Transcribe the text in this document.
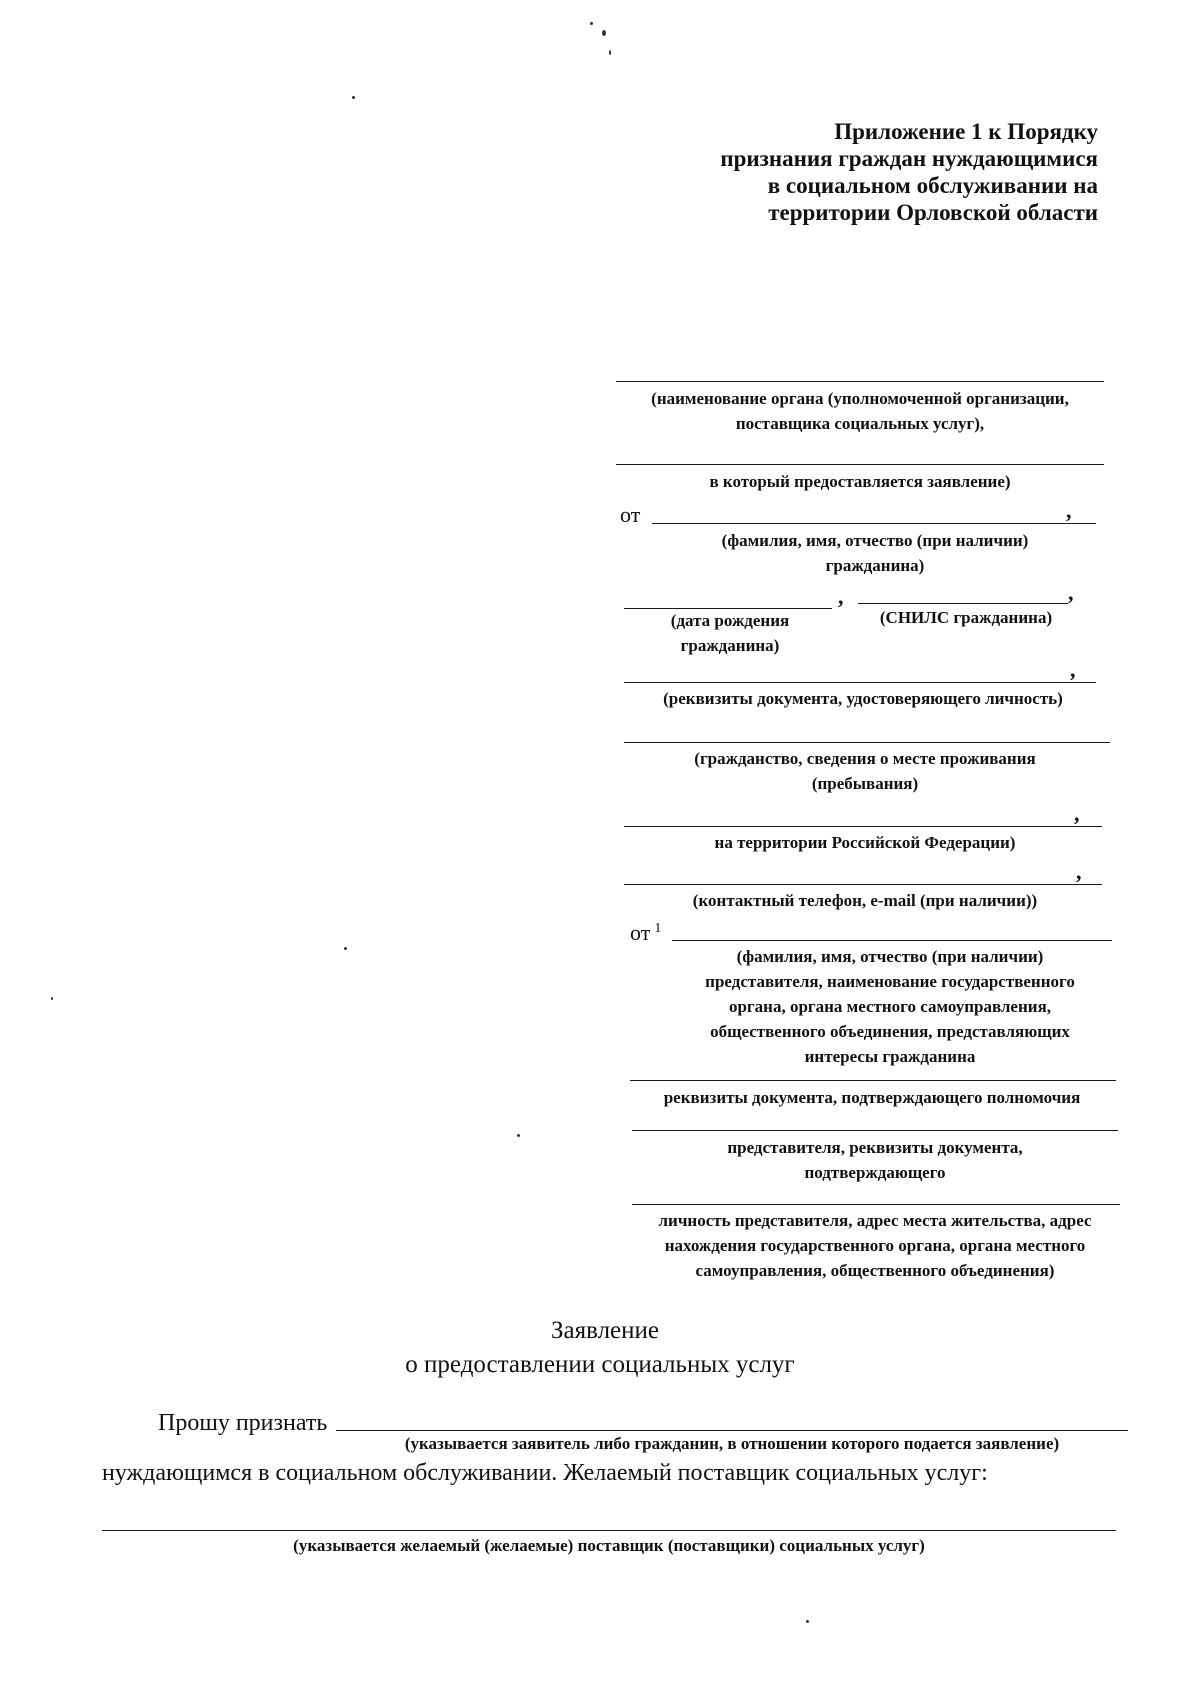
Приложение 1 к Порядку
признания граждан нуждающимися
в социальном обслуживании на
территории Орловской области
(наименование органа (уполномоченной организации,
поставщика социальных услуг),
в который предоставляется заявление)
от	,
(фамилия, имя, отчество (при наличии)
гражданина)
,	,
(дата рождения
гражданина)
(СНИЛС гражданина)
,
(реквизиты документа, удостоверяющего личность)
(гражданство, сведения о месте проживания
(пребывания)
,
на территории Российской Федерации)
,
(контактный телефон, e-mail (при наличии))
от $^1$
(фамилия, имя, отчество (при наличии)
представителя, наименование государственного
органа, органа местного самоуправления,
общественного объединения, представляющих
интересы гражданина
реквизиты документа, подтверждающего полномочия
представителя, реквизиты документа,
подтверждающего
личность представителя, адрес места жительства, адрес
нахождения государственного органа, органа местного
самоуправления, общественного объединения)
Заявление
о предоставлении социальных услуг
Прошу признать
(указывается заявитель либо гражданин, в отношении которого подается заявление)
нуждающимся в социальном обслуживании. Желаемый поставщик социальных услуг:
(указывается желаемый (желаемые) поставщик (поставщики) социальных услуг)
